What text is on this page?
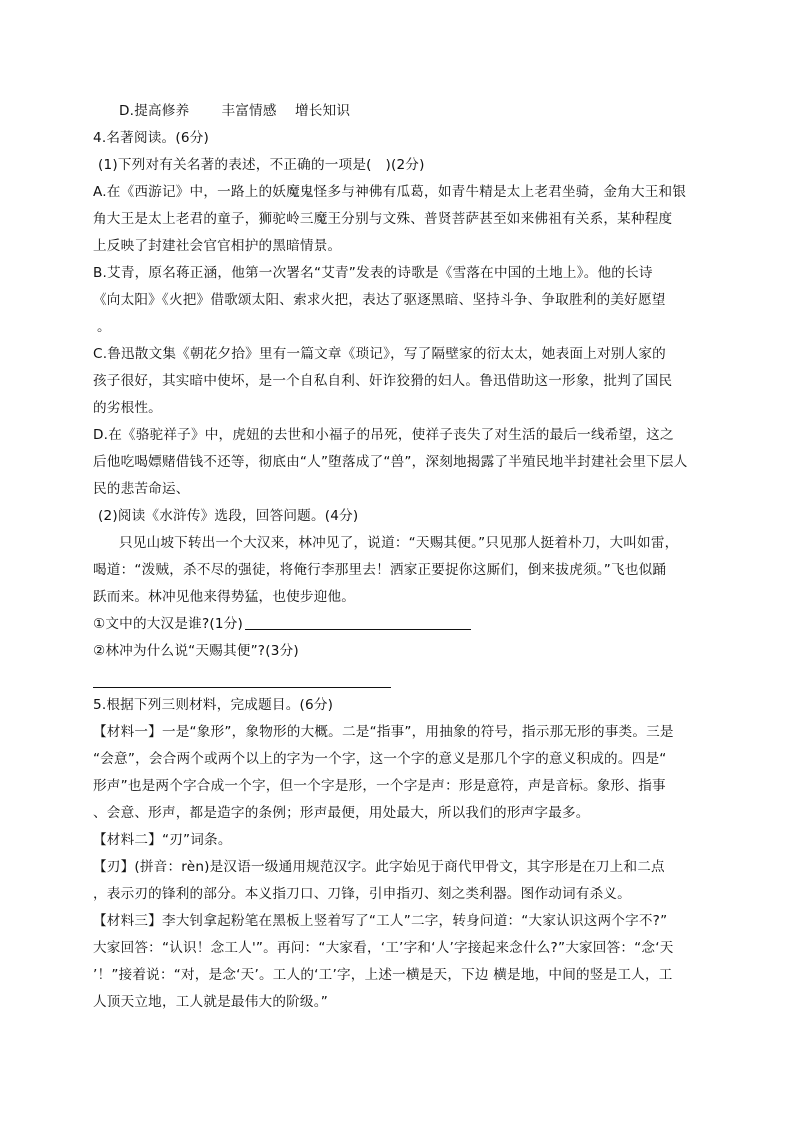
D.提高修养　　 丰富情感　 增长知识
4.名著阅读。(6分)
(1)下列对有关名著的表述，不正确的一项是(　)(2分)
A.在《西游记》中，一路上的妖魔鬼怪多与神佛有瓜葛，如青牛精是太上老君坐骑，金角大王和银
角大王是太上老君的童子，狮驼岭三魔王分别与文殊、普贤菩萨甚至如来佛祖有关系，某种程度
上反映了封建社会官官相护的黑暗情景。
B.艾青，原名蒋正涵，他第一次署名“艾青”发表的诗歌是《雪落在中国的土地上》。他的长诗
《向太阳》《火把》借歌颂太阳、索求火把，表达了驱逐黑暗、坚持斗争、争取胜利的美好愿望
。
C.鲁迅散文集《朝花夕拾》里有一篇文章《琐记》，写了隔壁家的衍太太，她表面上对别人家的
孩子很好，其实暗中使坏，是一个自私自利、奸诈狡猾的妇人。鲁迅借助这一形象，批判了国民
的劣根性。
D.在《骆驼祥子》中，虎妞的去世和小福子的吊死，使祥子丧失了对生活的最后一线希望，这之
后他吃喝嫖赌借钱不还等，彻底由“人”堕落成了“兽”，深刻地揭露了半殖民地半封建社会里下层人
民的悲苦命运、
(2)阅读《水浒传》选段，回答问题。(4分)
只见山坡下转出一个大汉来，林冲见了，说道：“天赐其便。”只见那人挺着朴刀，大叫如雷，
喝道：“泼贼，杀不尽的强徒，将俺行李那里去！洒家正要捉你这厮们，倒来拔虎须。”飞也似踊
跃而来。林冲见他来得势猛，也使步迎他。
①文中的大汉是谁?(1分)
②林冲为什么说“天赐其便”?(3分)
5.根据下列三则材料，完成题目。(6分)
【材料一】一是“象形”，象物形的大概。二是“指事”，用抽象的符号，指示那无形的事类。三是
“会意”，会合两个或两个以上的字为一个字，这一个字的意义是那几个字的意义积成的。四是“
形声”也是两个字合成一个字，但一个字是形，一个字是声：形是意符，声是音标。象形、指事
、会意、形声，都是造字的条例；形声最便，用处最大，所以我们的形声字最多。
【材料二】“刃”词条。
【刃】(拼音：rèn)是汉语一级通用规范汉字。此字始见于商代甲骨文，其字形是在刀上和二点
，表示刃的锋利的部分。本义指刀口、刀锋，引申指刃、刻之类利器。图作动词有杀义。
【材料三】李大钊拿起粉笔在黑板上竖着写了“工人”二字，转身问道：“大家认识这两个字不?”
大家回答：“认识！念工人'”。再问：“大家看，‘工’字和‘人’字接起来念什么?”大家回答：“念‘天
’！”接着说：“对，是念‘天’。工人的‘工’字，上述一横是天，下边 横是地，中间的竖是工人，工
人顶天立地，工人就是最伟大的阶级。”
